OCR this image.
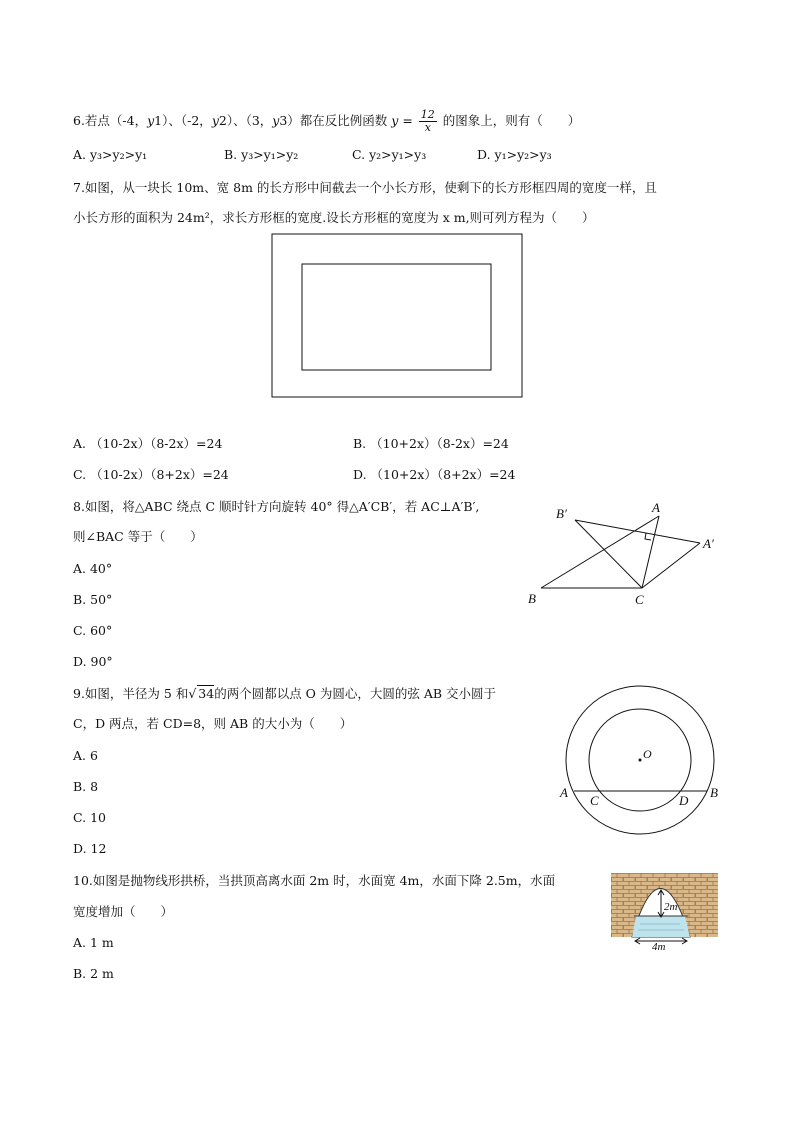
6.若点（-4，y1）、（-2，y2）、（3，y3）都在反比例函数 $y = \frac{12}{x}$ 的图象上，则有（　　）
A. y₃>y₂>y₁	B. y₃>y₁>y₂	C. y₂>y₁>y₃	D. y₁>y₂>y₃
7.如图，从一块长 10m、宽 8m 的长方形中间截去一个小长方形，使剩下的长方形框四周的宽度一样，且
小长方形的面积为 24m²，求长方形框的宽度.设长方形框的宽度为 x m,则可列方程为（　　）
A. （10-2x）（8-2x）=24	B. （10+2x）（8-2x）=24
C. （10-2x）（8+2x）=24	D. （10+2x）（8+2x）=24
8.如图，将△ABC 绕点 C 顺时针方向旋转 40° 得△A′CB′，若 AC⊥A′B′,
则∠BAC 等于（　　）
A. 40°
B. 50°
C. 60°
D. 90°
B′	A
A′
B	C
9.如图，半径为 5 和√ 34的两个圆都以点 O 为圆心，大圆的弦 AB 交小圆于
C，D 两点，若 CD=8，则 AB 的大小为（　　）
A. 6
B. 8
C. 10
D. 12
O
A
C	D
B
10.如图是抛物线形拱桥，当拱顶高离水面 2m 时，水面宽 4m，水面下降 2.5m，水面
宽度增加（　　）
A. 1 m
B. 2 m
2m
4m
